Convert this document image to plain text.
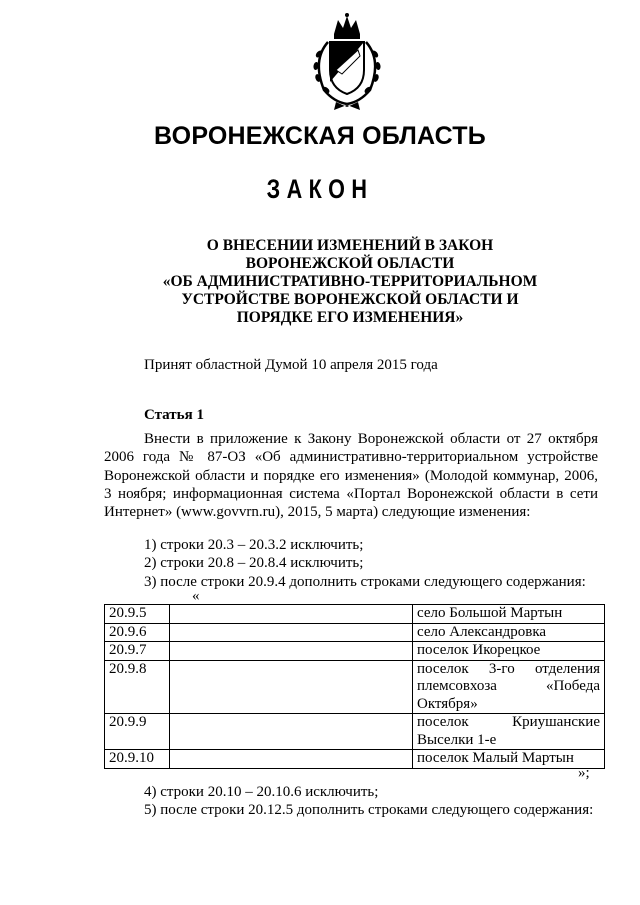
ВОРОНЕЖСКАЯ ОБЛАСТЬ
ЗАКОН
О ВНЕСЕНИИ ИЗМЕНЕНИЙ В ЗАКОН
ВОРОНЕЖСКОЙ ОБЛАСТИ
«ОБ АДМИНИСТРАТИВНО-ТЕРРИТОРИАЛЬНОМ
УСТРОЙСТВЕ ВОРОНЕЖСКОЙ ОБЛАСТИ И
ПОРЯДКЕ ЕГО ИЗМЕНЕНИЯ»
Принят областной Думой 10 апреля 2015 года
Статья 1
Внести в приложение к Закону Воронежской области от 27 октября 2006 года № 87-ОЗ «Об административно-территориальном устройстве Воронежской области и порядке его изменения» (Молодой коммунар, 2006, 3 ноября; информационная система «Портал Воронежской области в сети Интернет» (www.govvrn.ru), 2015, 5 марта) следующие изменения:
1) строки 20.3 – 20.3.2 исключить;
2) строки 20.8 – 20.8.4 исключить;
3) после строки 20.9.4 дополнить строками следующего содержания:
«
20.9.5		село Большой Мартын
20.9.6		село Александровка
20.9.7		поселок Икорецкое
20.9.8		поселок 3-го отделения племсовхоза «Победа Октября»
20.9.9		поселок Криушанские Выселки 1-е
20.9.10		поселок Малый Мартын
»;
4) строки 20.10 – 20.10.6 исключить;
5) после строки 20.12.5 дополнить строками следующего содержания:
